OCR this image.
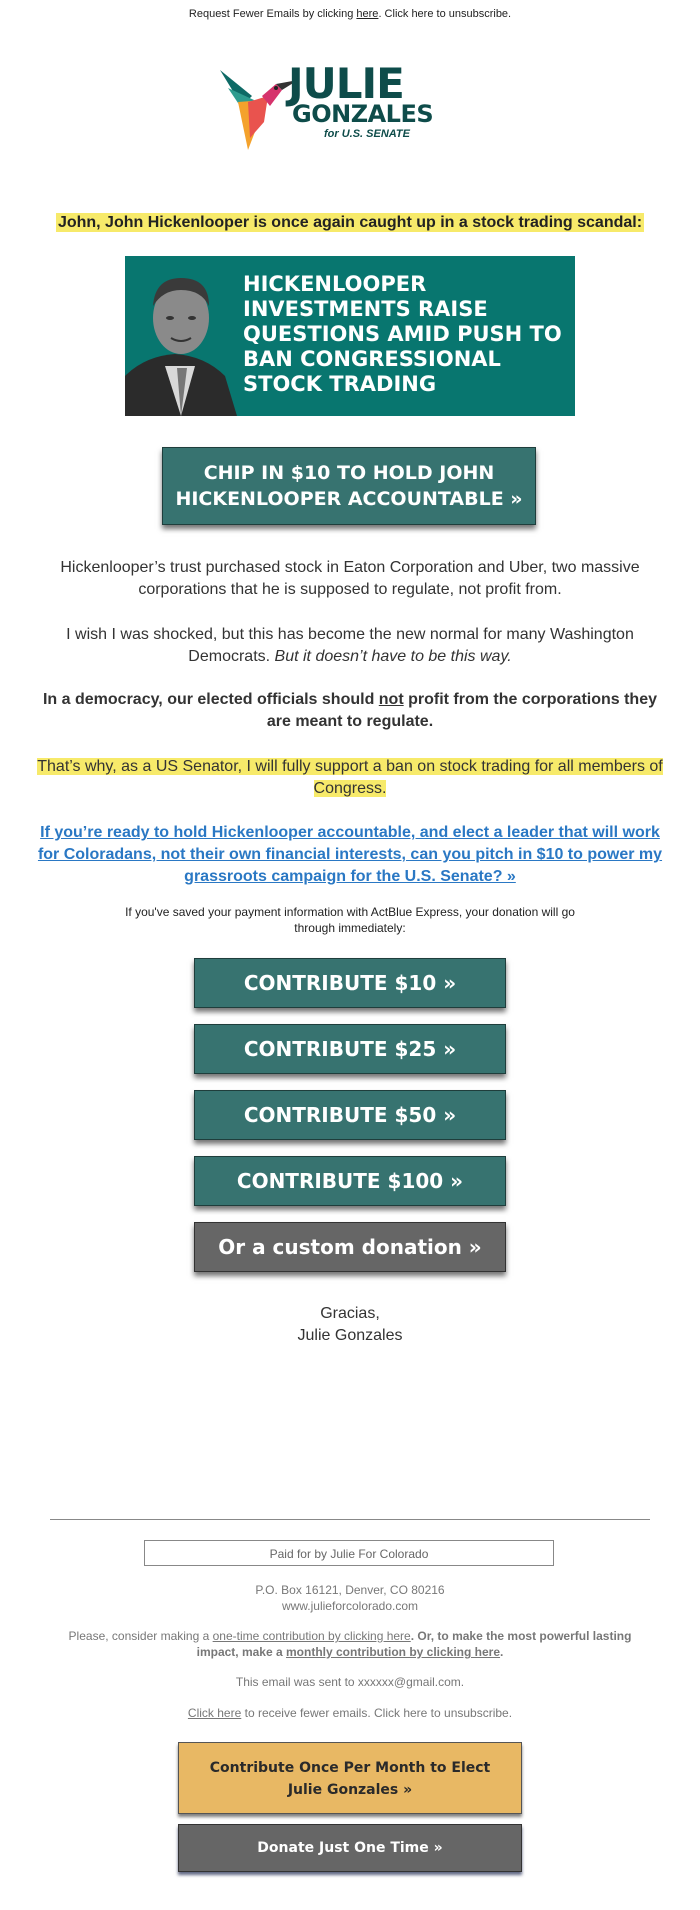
Request Fewer Emails by clicking here. Click here to unsubscribe.
JULIE
GONZALES
for U.S. SENATE
John, John Hickenlooper is once again caught up in a stock trading scandal:
HICKENLOOPER INVESTMENTS RAISE QUESTIONS AMID PUSH TO BAN CONGRESSIONAL STOCK TRADING
CHIP IN $10 TO HOLD JOHN HICKENLOOPER ACCOUNTABLE »
Hickenlooper’s trust purchased stock in Eaton Corporation and Uber, two massive corporations that he is supposed to regulate, not profit from.
I wish I was shocked, but this has become the new normal for many Washington Democrats. But it doesn’t have to be this way.
In a democracy, our elected officials should not profit from the corporations they are meant to regulate.
That’s why, as a US Senator, I will fully support a ban on stock trading for all members of Congress.
If you’re ready to hold Hickenlooper accountable, and elect a leader that will work for Coloradans, not their own financial interests, can you pitch in $10 to power my grassroots campaign for the U.S. Senate? »
If you've saved your payment information with ActBlue Express, your donation will go through immediately:
CONTRIBUTE $10 »
CONTRIBUTE $25 »
CONTRIBUTE $50 »
CONTRIBUTE $100 »
Or a custom donation »
Gracias,
Julie Gonzales
Paid for by Julie For Colorado
P.O. Box 16121, Denver, CO 80216
www.julieforcolorado.com
Please, consider making a one-time contribution by clicking here. Or, to make the most powerful lasting impact, make a monthly contribution by clicking here.
This email was sent to xxxxxx@gmail.com.
Click here to receive fewer emails. Click here to unsubscribe.
Contribute Once Per Month to Elect
Julie Gonzales »
Donate Just One Time »
